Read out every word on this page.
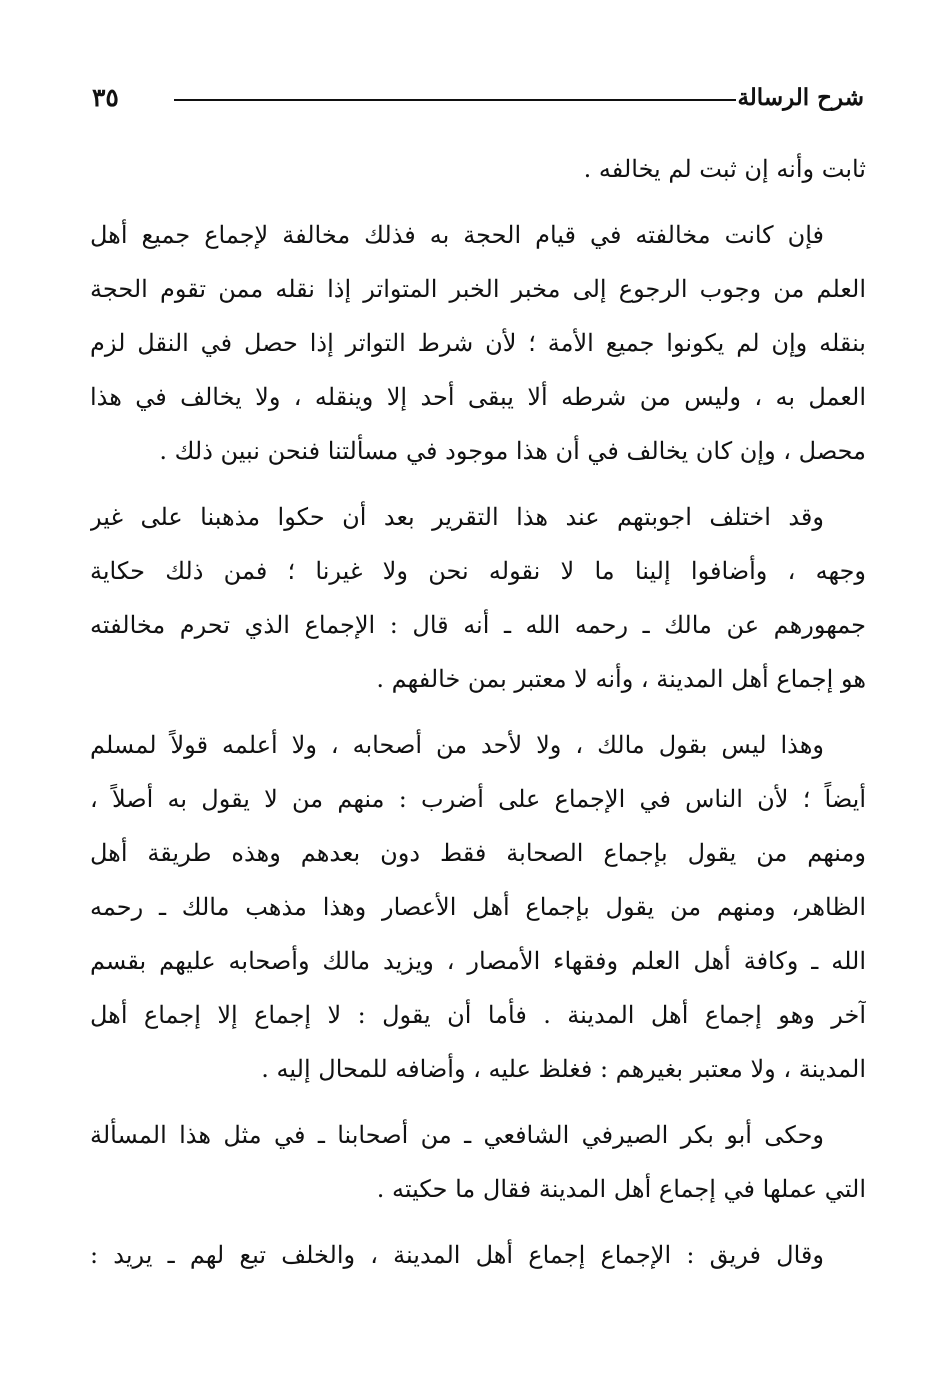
شرح الرسالة
٣٥
ثابت وأنه إن ثبت لم يخالفه .
فإن كانت مخالفته في قيام الحجة به فذلك مخالفة لإجماع جميع أهل
العلم من وجوب الرجوع إلى مخبر الخبر المتواتر إذا نقله ممن تقوم الحجة
بنقله وإن لم يكونوا جميع الأمة ؛ لأن شرط التواتر إذا حصل في النقل لزم
العمل به ، وليس من شرطه ألا يبقى أحد إلا وينقله ، ولا يخالف في هذا
محصل ، وإن كان يخالف في أن هذا موجود في مسألتنا فنحن نبين ذلك .
وقد اختلف اجوبتهم عند هذا التقرير بعد أن حكوا مذهبنا على غير
وجهه ، وأضافوا إلينا ما لا نقوله نحن ولا غيرنا ؛ فمن ذلك حكاية
جمهورهم عن مالك ـ رحمه الله ـ أنه قال : الإجماع الذي تحرم مخالفته
هو إجماع أهل المدينة ، وأنه لا معتبر بمن خالفهم .
وهذا ليس بقول مالك ، ولا لأحد من أصحابه ، ولا أعلمه قولاً لمسلم
أيضاً ؛ لأن الناس في الإجماع على أضرب : منهم من لا يقول به أصلاً ،
ومنهم من يقول بإجماع الصحابة فقط دون بعدهم وهذه طريقة أهل
الظاهر، ومنهم من يقول بإجماع أهل الأعصار وهذا مذهب مالك ـ رحمه
الله ـ وكافة أهل العلم وفقهاء الأمصار ، ويزيد مالك وأصحابه عليهم بقسم
آخر وهو إجماع أهل المدينة . فأما أن يقول : لا إجماع إلا إجماع أهل
المدينة ، ولا معتبر بغيرهم : فغلظ عليه ، وأضافه للمحال إليه .
وحكى أبو بكر الصيرفي الشافعي ـ من أصحابنا ـ في مثل هذا المسألة
التي عملها في إجماع أهل المدينة فقال ما حكيته .
وقال فريق : الإجماع إجماع أهل المدينة ، والخلف تبع لهم ـ يريد :
